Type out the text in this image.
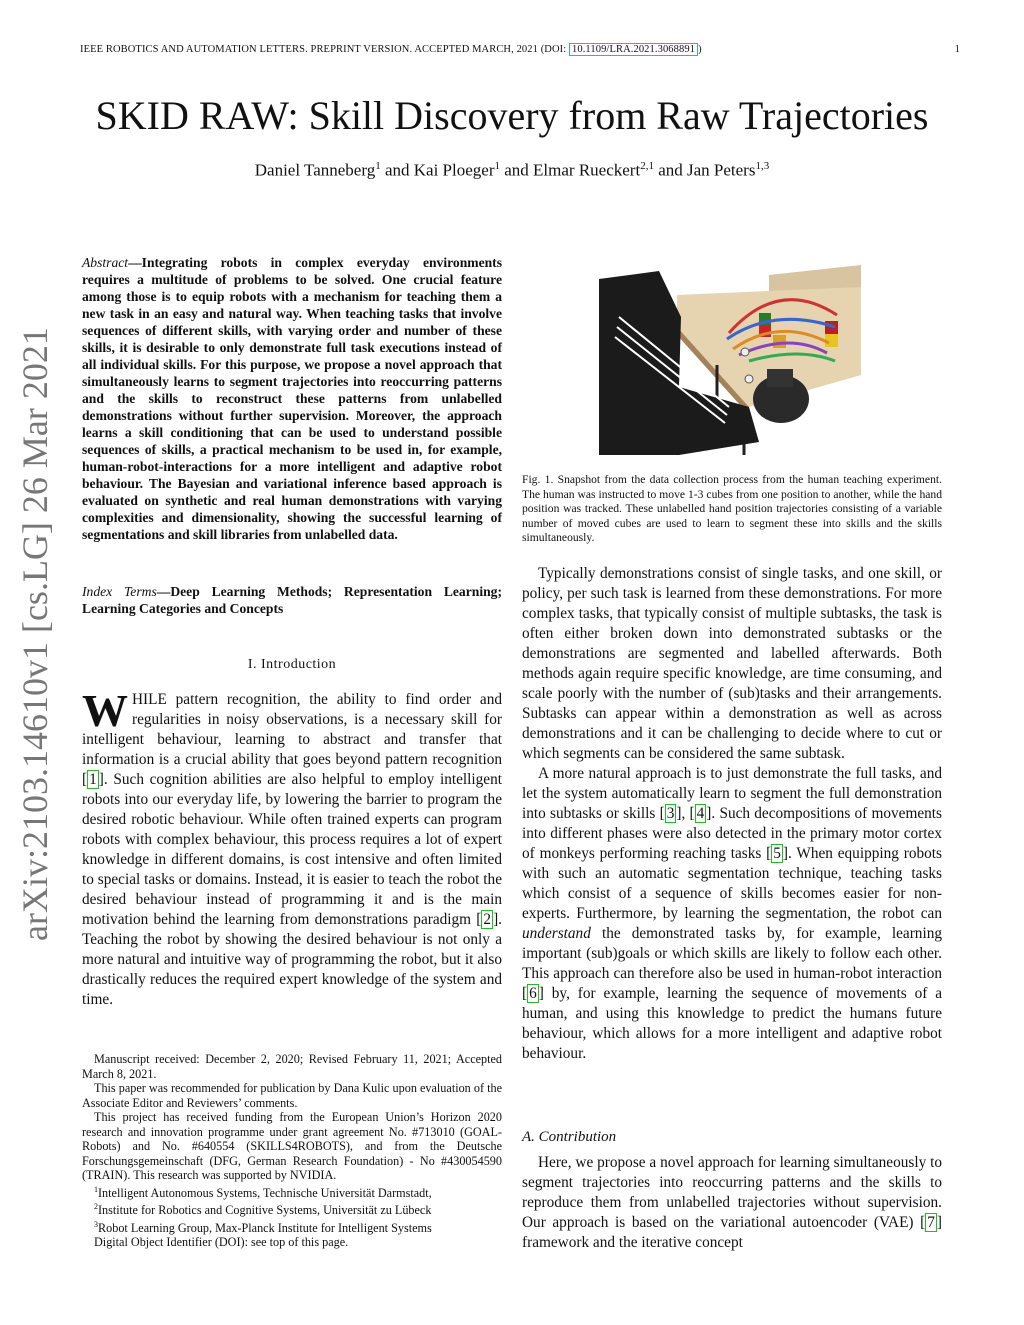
IEEE ROBOTICS AND AUTOMATION LETTERS. PREPRINT VERSION. ACCEPTED MARCH, 2021 (DOI: 10.1109/LRA.2021.3068891 )	1
SKID RAW: Skill Discovery from Raw Trajectories
Daniel Tanneberg$^1$ and Kai Ploeger$^1$ and Elmar Rueckert$^{2,1}$ and Jan Peters$^{1,3}$
arXiv:2103.14610v1 [cs.LG] 26 Mar 2021
Abstract—Integrating robots in complex everyday environments requires a multitude of problems to be solved. One crucial feature among those is to equip robots with a mechanism for teaching them a new task in an easy and natural way. When teaching tasks that involve sequences of different skills, with varying order and number of these skills, it is desirable to only demonstrate full task executions instead of all individual skills. For this purpose, we propose a novel approach that simultaneously learns to segment trajectories into reoccurring patterns and the skills to reconstruct these patterns from unlabelled demonstrations without further supervision. Moreover, the approach learns a skill conditioning that can be used to understand possible sequences of skills, a practical mechanism to be used in, for example, human-robot-interactions for a more intelligent and adaptive robot behaviour. The Bayesian and variational inference based approach is evaluated on synthetic and real human demonstrations with varying complexities and dimensionality, showing the successful learning of segmentations and skill libraries from unlabelled data.
Index Terms—Deep Learning Methods; Representation Learning; Learning Categories and Concepts
I. Introduction
WHILE pattern recognition, the ability to find order and regularities in noisy observations, is a necessary skill for intelligent behaviour, learning to abstract and transfer that information is a crucial ability that goes beyond pattern recognition [ 1 ]. Such cognition abilities are also helpful to employ intelligent robots into our everyday life, by lowering the barrier to program the desired robotic behaviour. While often trained experts can program robots with complex behaviour, this process requires a lot of expert knowledge in different domains, is cost intensive and often limited to special tasks or domains. Instead, it is easier to teach the robot the desired behaviour instead of programming it and is the main motivation behind the learning from demonstrations paradigm [ 2 ]. Teaching the robot by showing the desired behaviour is not only a more natural and intuitive way of programming the robot, but it also drastically reduces the required expert knowledge of the system and time.

Manuscript received: December 2, 2020; Revised February 11, 2021; Accepted March 8, 2021.

This paper was recommended for publication by Dana Kulic upon evaluation of the Associate Editor and Reviewers’ comments.

This project has received funding from the European Union’s Horizon 2020 research and innovation programme under grant agreement No. #713010 (GOAL-Robots) and No. #640554 (SKILLS4ROBOTS), and from the Deutsche Forschungsgemeinschaft (DFG, German Research Foundation) - No #430054590 (TRAIN). This research was supported by NVIDIA.

$^1$Intelligent Autonomous Systems, Technische Universität Darmstadt,

$^2$Institute for Robotics and Cognitive Systems, Universität zu Lübeck

$^3$Robot Learning Group, Max-Planck Institute for Intelligent Systems

Digital Object Identifier (DOI): see top of this page.

Fig. 1. Snapshot from the data collection process from the human teaching experiment. The human was instructed to move 1-3 cubes from one position to another, while the hand position was tracked. These unlabelled hand position trajectories consisting of a variable number of moved cubes are used to learn to segment these into skills and the skills simultaneously.

Typically demonstrations consist of single tasks, and one skill, or policy, per such task is learned from these demonstrations. For more complex tasks, that typically consist of multiple subtasks, the task is often either broken down into demonstrated subtasks or the demonstrations are segmented and labelled afterwards. Both methods again require specific knowledge, are time consuming, and scale poorly with the number of (sub)tasks and their arrangements. Subtasks can appear within a demonstration as well as across demonstrations and it can be challenging to decide where to cut or which segments can be considered the same subtask.

A more natural approach is to just demonstrate the full tasks, and let the system automatically learn to segment the full demonstration into subtasks or skills [ 3 ], [ 4 ]. Such decompositions of movements into different phases were also detected in the primary motor cortex of monkeys performing reaching tasks [ 5 ]. When equipping robots with such an automatic segmentation technique, teaching tasks which consist of a sequence of skills becomes easier for non-experts. Furthermore, by learning the segmentation, the robot can understand the demonstrated tasks by, for example, learning important (sub)goals or which skills are likely to follow each other. This approach can therefore also be used in human-robot interaction [ 6 ] by, for example, learning the sequence of movements of a human, and using this knowledge to predict the humans future behaviour, which allows for a more intelligent and adaptive robot behaviour.

A. Contribution

Here, we propose a novel approach for learning simultaneously to segment trajectories into reoccurring patterns and the skills to reproduce them from unlabelled trajectories without supervision. Our approach is based on the variational autoencoder (VAE) [ 7 ] framework and the iterative concept
